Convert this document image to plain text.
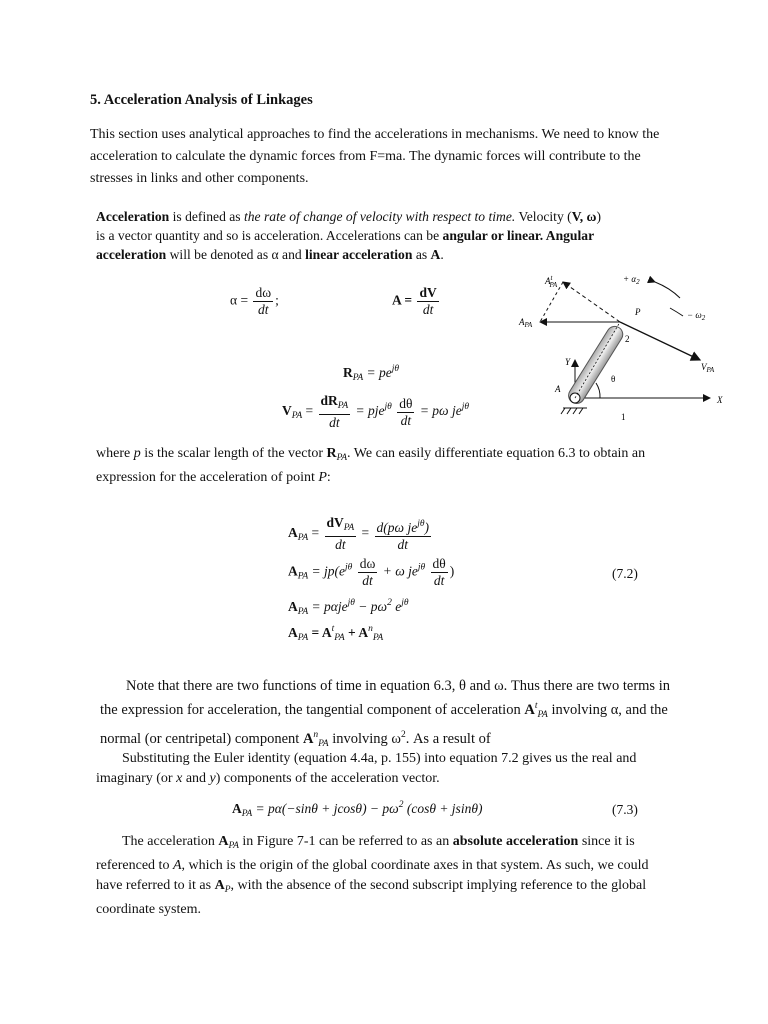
5. Acceleration Analysis of Linkages
This section uses analytical approaches to find the accelerations in mechanisms. We need to know the acceleration to calculate the dynamic forces from F=ma. The dynamic forces will contribute to the stresses in links and other components.
Acceleration is defined as the rate of change of velocity with respect to time. Velocity (V, ω) is a vector quantity and so is acceleration. Accelerations can be angular or linear. Angular acceleration will be denoted as α and linear acceleration as A.
$\alpha = \frac{d\omega}{dt}$ ;	$A = \frac{dV}{dt}$
$R_{PA} = pe^{j\theta}$
$V_{PA} = \frac{dR_{PA}}{dt} = pje^{j\theta} \frac{d\theta}{dt} = p\omega$ $je^{j\theta}$
$A^t$ PA
$A_{PA}$
+ $\alpha_2$
− $\omega_2$
P
2
$V_{PA}$
Y
θ
A
1
X
where p is the scalar length of the vector $R_{PA}$. We can easily differentiate equation 6.3 to obtain an expression for the acceleration of point P:
$A_{PA} = \frac{dV_{PA}}{dt} = \frac{d(p\omega je^{j\theta})}{dt}$
$A_{PA} = jp(e^{j\theta} \frac{d\omega}{dt} + \omega$ $je^{j\theta} \frac{d\theta}{dt}$ )
$A_{PA} = p\alpha je^{j\theta} - p\omega^2$ $e^{j\theta}$
$A_{PA} = A^t_{PA} + A^n_{PA}$
(7.2)
Note that there are two functions of time in equation 6.3, θ and ω. Thus there are two terms in the expression for acceleration, the tangential component of acceleration $A^t_{PA}$ involving α, and the normal (or centripetal) component $A^n_{PA}$ involving $\omega^2$. As a result of
Substituting the Euler identity (equation 4.4a, p. 155) into equation 7.2 gives us the real and imaginary (or x and y) components of the acceleration vector.
$A_{PA} = p\alpha(-\sin\theta + jcos\theta) - p\omega^2$ (cosθ + jsinθ)	(7.3)
The acceleration $A_{PA}$ in Figure 7-1 can be referred to as an absolute acceleration since it is referenced to A, which is the origin of the global coordinate axes in that system. As such, we could have referred to it as $A_P$, with the absence of the second subscript implying reference to the global coordinate system.
